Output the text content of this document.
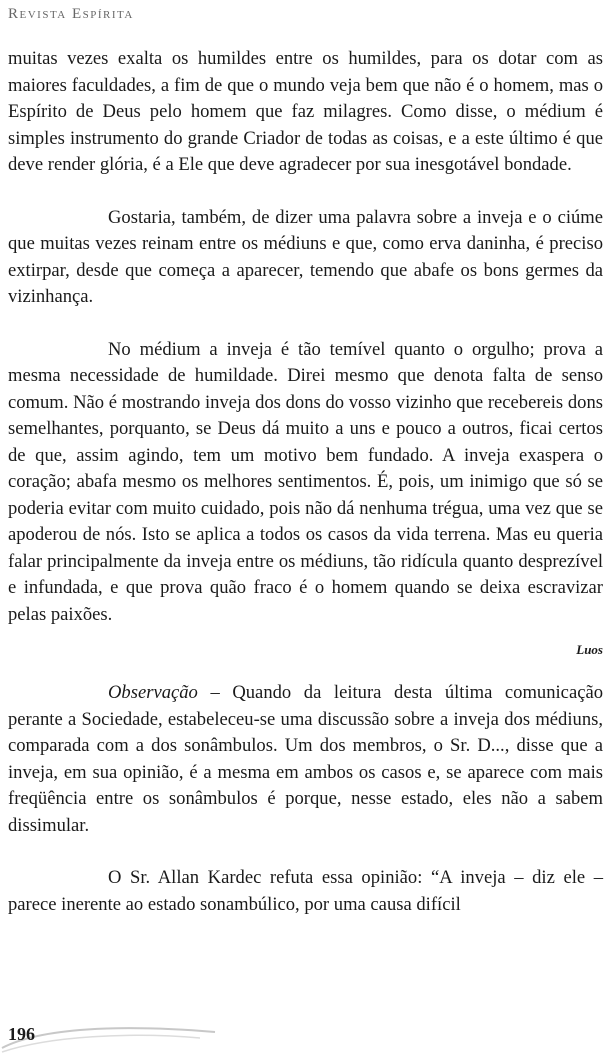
Revista Espírita

muitas vezes exalta os humildes entre os humildes, para os dotar com as maiores faculdades, a fim de que o mundo veja bem que não é o homem, mas o Espírito de Deus pelo homem que faz milagres. Como disse, o médium é simples instrumento do grande Criador de todas as coisas, e a este último é que deve render glória, é a Ele que deve agradecer por sua inesgotável bondade.

Gostaria, também, de dizer uma palavra sobre a inveja e o ciúme que muitas vezes reinam entre os médiuns e que, como erva daninha, é preciso extirpar, desde que começa a aparecer, temendo que abafe os bons germes da vizinhança.

No médium a inveja é tão temível quanto o orgulho; prova a mesma necessidade de humildade. Direi mesmo que denota falta de senso comum. Não é mostrando inveja dos dons do vosso vizinho que recebereis dons semelhantes, porquanto, se Deus dá muito a uns e pouco a outros, ficai certos de que, assim agindo, tem um motivo bem fundado. A inveja exaspera o coração; abafa mesmo os melhores sentimentos. É, pois, um inimigo que só se poderia evitar com muito cuidado, pois não dá nenhuma trégua, uma vez que se apoderou de nós. Isto se aplica a todos os casos da vida terrena. Mas eu queria falar principalmente da inveja entre os médiuns, tão ridícula quanto desprezível e infundada, e que prova quão fraco é o homem quando se deixa escravizar pelas paixões.

Luos

Observação – Quando da leitura desta última comunicação perante a Sociedade, estabeleceu-se uma discussão sobre a inveja dos médiuns, comparada com a dos sonâmbulos. Um dos membros, o Sr. D..., disse que a inveja, em sua opinião, é a mesma em ambos os casos e, se aparece com mais freqüência entre os sonâmbulos é porque, nesse estado, eles não a sabem dissimular.

O Sr. Allan Kardec refuta essa opinião: “A inveja – diz ele – parece inerente ao estado sonambúlico, por uma causa difícil

196
